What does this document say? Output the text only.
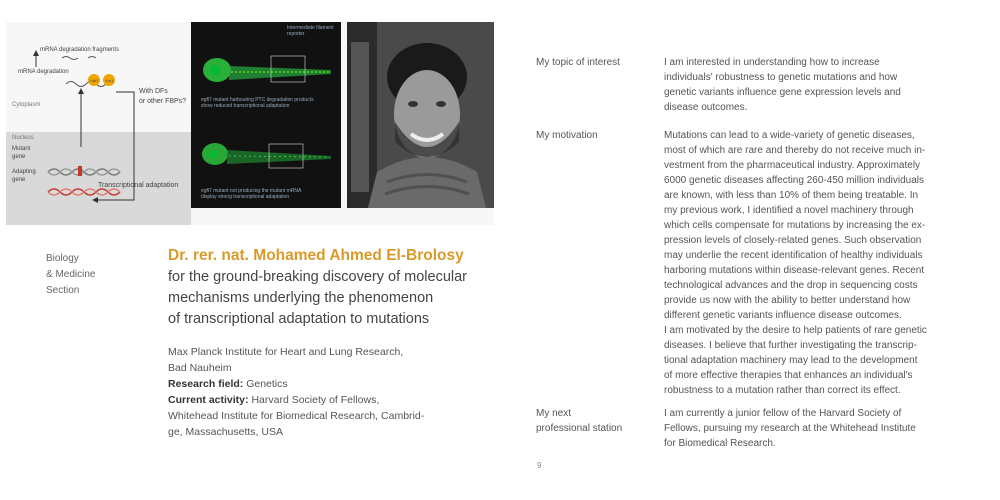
mRNA degradation fragments
mRNA degradation
Upf1 Xrn1
With DFs
or other FBPs?
Cytoplasm
Nucleus
Mutant
gene
Adapting
gene
Transcriptional adaptation
Intermediate filament reporter
egfl7 mutant harbouring PTC degradation products
show reduced transcriptional adaptation
egfl7 mutant not producing the mutant mRNA
display strong transcriptional adaptation
Biology
& Medicine
Section
Dr. rer. nat. Mohamed Ahmed El-Brolosy
for the ground-breaking discovery of molecular
mechanisms underlying the phenomenon
of transcriptional adaptation to mutations
Max Planck Institute for Heart and Lung Research,
Bad Nauheim
Research field: Genetics
Current activity: Harvard Society of Fellows,
Whitehead Institute for Biomedical Research, Cambrid-
ge, Massachusetts, USA
My topic of interest	I am interested in understanding how to increase
individuals' robustness to genetic mutations and how
genetic variants influence gene expression levels and
disease outcomes.
My motivation	Mutations can lead to a wide-variety of genetic diseases,
most of which are rare and thereby do not receive much in-
vestment from the pharmaceutical industry. Approximately
6000 genetic diseases affecting 260-450 million individuals
are known, with less than 10% of them being treatable. In
my previous work, I identified a novel machinery through
which cells compensate for mutations by increasing the ex-
pression levels of closely-related genes. Such observation
may underlie the recent identification of healthy individuals
harboring mutations within disease-relevant genes. Recent
technological advances and the drop in sequencing costs
provide us now with the ability to better understand how
different genetic variants influence disease outcomes.
I am motivated by the desire to help patients of rare genetic
diseases. I believe that further investigating the transcrip-
tional adaptation machinery may lead to the development
of more effective therapies that enhances an individual's
robustness to a mutation rather than correct its effect.
My next
professional station
I am currently a junior fellow of the Harvard Society of
Fellows, pursuing my research at the Whitehead Institute
for Biomedical Research.
9
